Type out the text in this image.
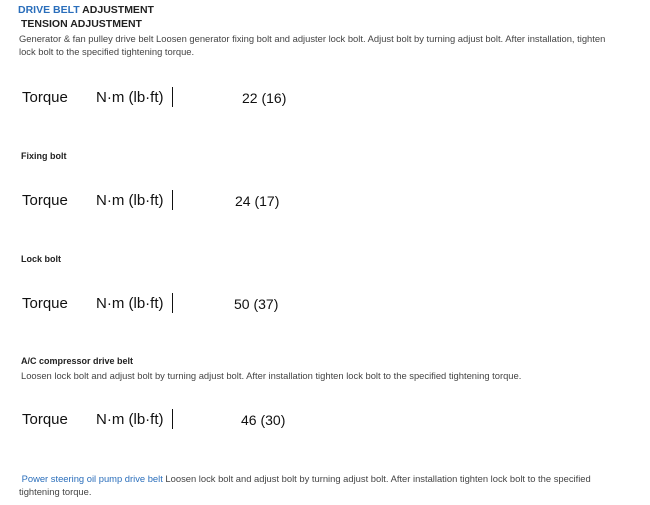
DRIVE BELT ADJUSTMENT
TENSION ADJUSTMENT
Generator & fan pulley drive belt Loosen generator fixing bolt and adjuster lock bolt. Adjust bolt by turning adjust bolt. After installation, tighten lock bolt to the specified tightening torque.
Torque N·m (lb·ft)	22 (16)
Fixing bolt
Torque N·m (lb·ft)	24 (17)
Lock bolt
Torque N·m (lb·ft)	50 (37)
A/C compressor drive belt
Loosen lock bolt and adjust bolt by turning adjust bolt. After installation tighten lock bolt to the specified tightening torque.
Torque N·m (lb·ft)	46 (30)
Power steering oil pump drive belt Loosen lock bolt and adjust bolt by turning adjust bolt. After installation tighten lock bolt to the specified tightening torque.
